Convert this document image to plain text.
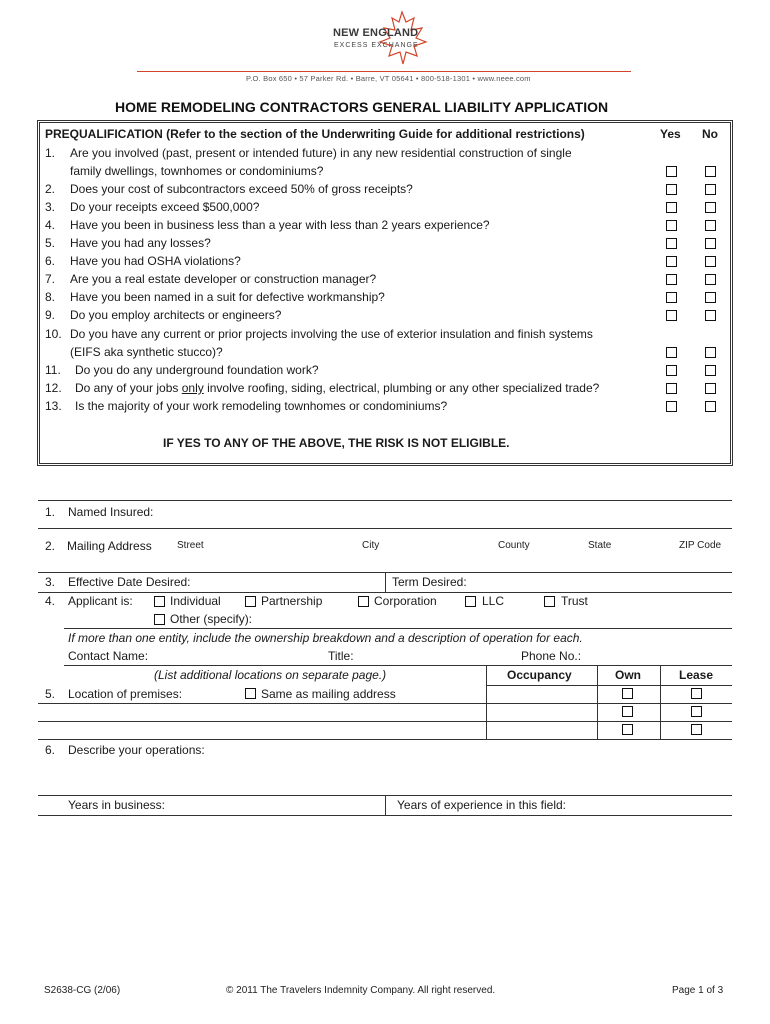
NEW ENGLAND
EXCESS EXCHANGE
P.O. Box 650 • 57 Parker Rd. • Barre, VT 05641 • 800-518-1301 • www.neee.com
HOME REMODELING CONTRACTORS GENERAL LIABILITY APPLICATION
PREQUALIFICATION (Refer to the section of the Underwriting Guide for additional restrictions)	Yes No
1. Are you involved (past, present or intended future) in any new residential construction of single
family dwellings, townhomes or condominiums?
2. Does your cost of subcontractors exceed 50% of gross receipts?
3. Do your receipts exceed $500,000?
4. Have you been in business less than a year with less than 2 years experience?
5. Have you had any losses?
6. Have you had OSHA violations?
7. Are you a real estate developer or construction manager?
8. Have you been named in a suit for defective workmanship?
9. Do you employ architects or engineers?
10. Do you have any current or prior projects involving the use of exterior insulation and finish systems
(EIFS aka synthetic stucco)?
11. Do you do any underground foundation work?
12. Do any of your jobs only involve roofing, siding, electrical, plumbing or any other specialized trade?
13. Is the majority of your work remodeling townhomes or condominiums?
IF YES TO ANY OF THE ABOVE, THE RISK IS NOT ELIGIBLE.
1. Named Insured:
2. Mailing Address	Street	City	County	State	ZIP Code
3. Effective Date Desired:	Term Desired:
4. Applicant is:	Individual	Partnership	Corporation	LLC	Trust
Other (specify):
If more than one entity, include the ownership breakdown and a description of operation for each.
Contact Name:	Title:	Phone No.:
(List additional locations on separate page.)	Occupancy	Own	Lease
5. Location of premises:	Same as mailing address
6. Describe your operations:
Years in business:	Years of experience in this field:
S2638-CG (2/06)	© 2011 The Travelers Indemnity Company. All right reserved.	Page 1 of 3
